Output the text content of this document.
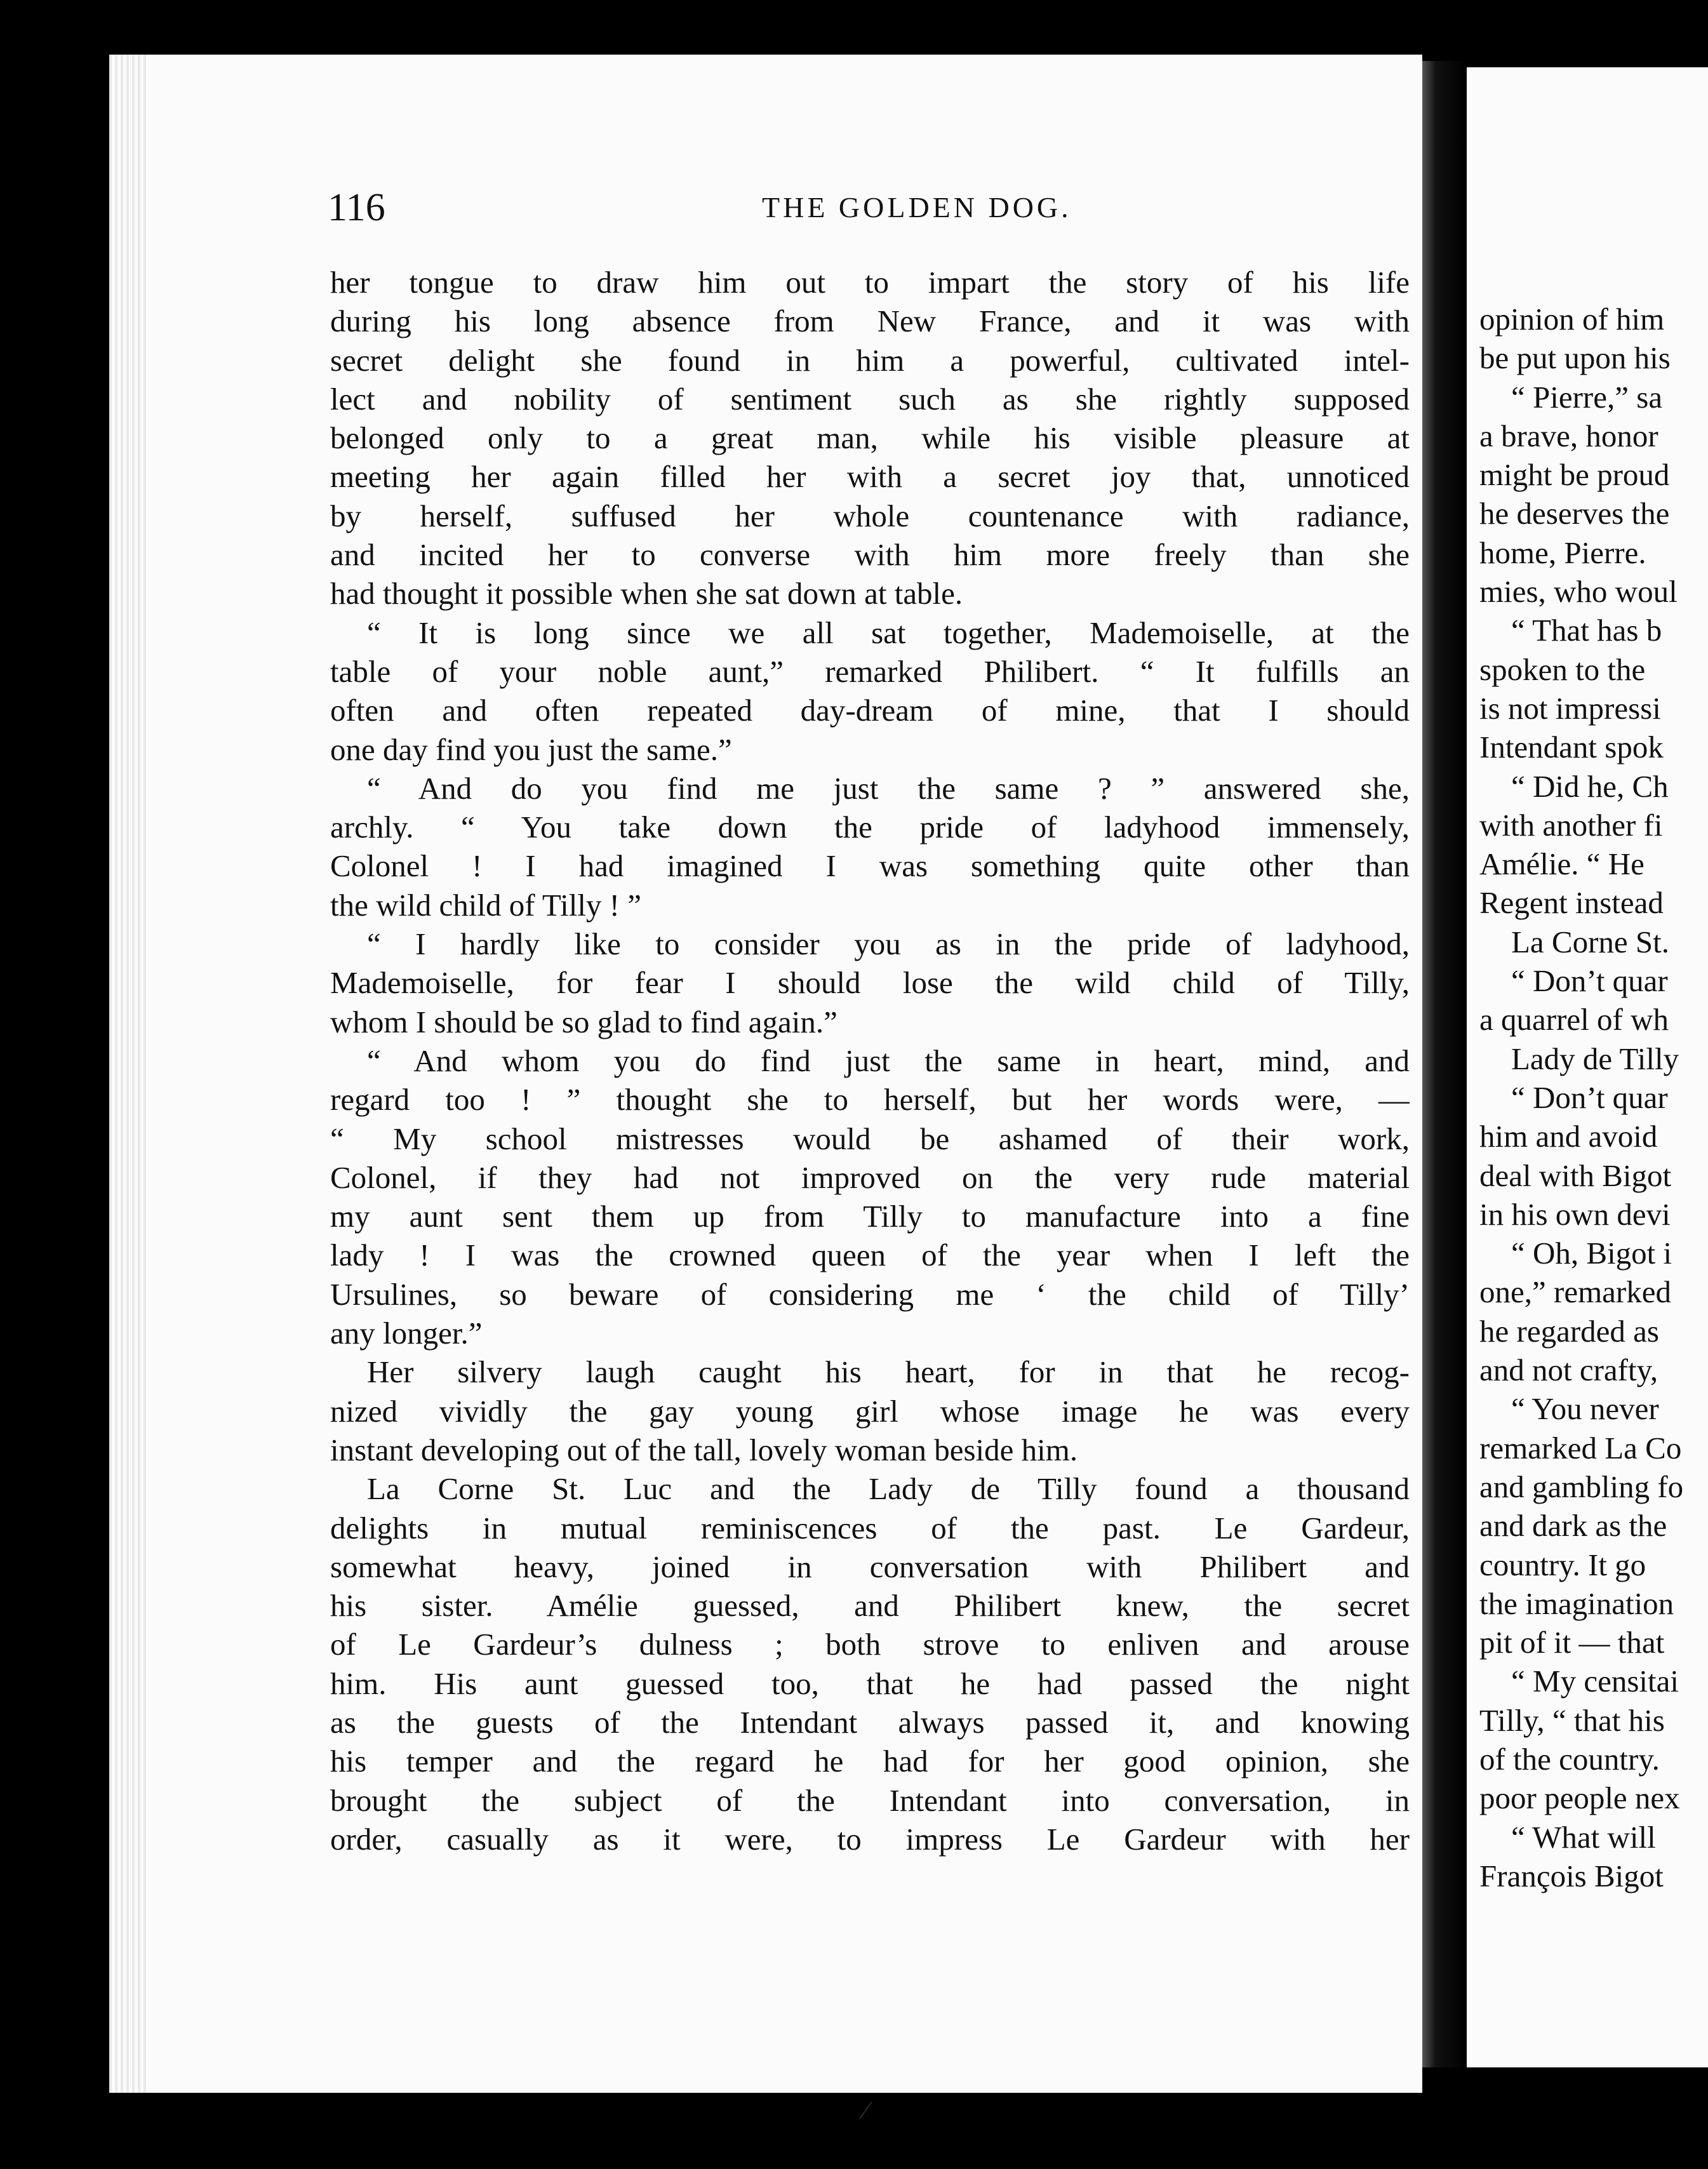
opinion of him
be put upon his
“ Pierre,” sa
a brave, honor
might be proud
he deserves the
home, Pierre.
mies, who woul
“ That has b
spoken to the
is not impressi
Intendant spok
“ Did he, Ch
with another fi
Amélie. “ He
Regent instead
La Corne St.
“ Don’t quar
a quarrel of wh
Lady de Tilly
“ Don’t quar
him and avoid
deal with Bigot
in his own devi
“ Oh, Bigot i
one,” remarked
he regarded as
and not crafty,
“ You never
remarked La Co
and gambling fo
and dark as the
country. It go
the imagination
pit of it — that
“ My censitai
Tilly, “ that his
of the country.
poor people nex
“ What will
François Bigot
116	THE GOLDEN DOG.
her tongue to draw him out to impart the story of his life
during his long absence from New France, and it was with
secret delight she found in him a powerful, cultivated intel-
lect and nobility of sentiment such as she rightly supposed
belonged only to a great man, while his visible pleasure at
meeting her again filled her with a secret joy that, unnoticed
by herself, suffused her whole countenance with radiance,
and incited her to converse with him more freely than she
had thought it possible when she sat down at table.
“ It is long since we all sat together, Mademoiselle, at the
table of your noble aunt,” remarked Philibert. “ It fulfills an
often and often repeated day-dream of mine, that I should
one day find you just the same.”
“ And do you find me just the same ? ” answered she,
archly. “ You take down the pride of ladyhood immensely,
Colonel ! I had imagined I was something quite other than
the wild child of Tilly ! ”
“ I hardly like to consider you as in the pride of ladyhood,
Mademoiselle, for fear I should lose the wild child of Tilly,
whom I should be so glad to find again.”
“ And whom you do find just the same in heart, mind, and
regard too ! ” thought she to herself, but her words were, —
“ My school mistresses would be ashamed of their work,
Colonel, if they had not improved on the very rude material
my aunt sent them up from Tilly to manufacture into a fine
lady ! I was the crowned queen of the year when I left the
Ursulines, so beware of considering me ‘ the child of Tilly’
any longer.”
Her silvery laugh caught his heart, for in that he recog-
nized vividly the gay young girl whose image he was every
instant developing out of the tall, lovely woman beside him.
La Corne St. Luc and the Lady de Tilly found a thousand
delights in mutual reminiscences of the past. Le Gardeur,
somewhat heavy, joined in conversation with Philibert and
his sister. Amélie guessed, and Philibert knew, the secret
of Le Gardeur’s dulness ; both strove to enliven and arouse
him. His aunt guessed too, that he had passed the night
as the guests of the Intendant always passed it, and knowing
his temper and the regard he had for her good opinion, she
brought the subject of the Intendant into conversation, in
order, casually as it were, to impress Le Gardeur with her
⁄
